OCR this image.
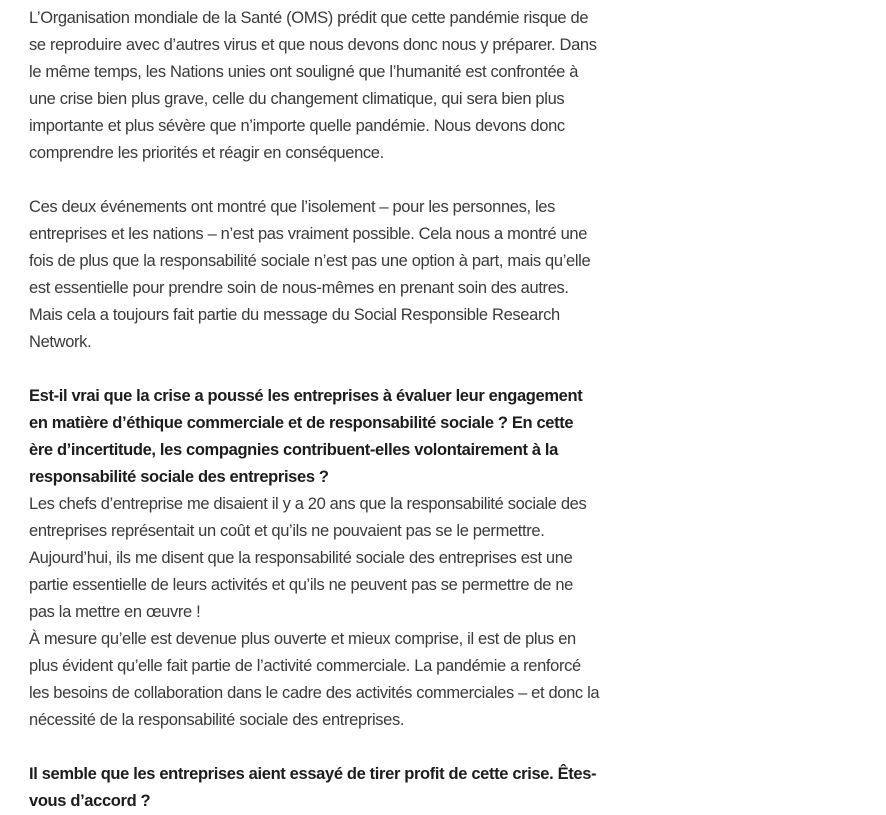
L’Organisation mondiale de la Santé (OMS) prédit que cette pandémie risque de se reproduire avec d’autres virus et que nous devons donc nous y préparer. Dans le même temps, les Nations unies ont souligné que l’humanité est confrontée à une crise bien plus grave, celle du changement climatique, qui sera bien plus importante et plus sévère que n’importe quelle pandémie. Nous devons donc comprendre les priorités et réagir en conséquence.

Ces deux événements ont montré que l’isolement – pour les personnes, les entreprises et les nations – n’est pas vraiment possible. Cela nous a montré une fois de plus que la responsabilité sociale n’est pas une option à part, mais qu’elle est essentielle pour prendre soin de nous-mêmes en prenant soin des autres. Mais cela a toujours fait partie du message du Social Responsible Research Network.

Est-il vrai que la crise a poussé les entreprises à évaluer leur engagement en matière d’éthique commerciale et de responsabilité sociale ? En cette ère d’incertitude, les compagnies contribuent-elles volontairement à la responsabilité sociale des entreprises ?

Les chefs d’entreprise me disaient il y a 20 ans que la responsabilité sociale des entreprises représentait un coût et qu’ils ne pouvaient pas se le permettre. Aujourd’hui, ils me disent que la responsabilité sociale des entreprises est une partie essentielle de leurs activités et qu’ils ne peuvent pas se permettre de ne pas la mettre en œuvre !

À mesure qu’elle est devenue plus ouverte et mieux comprise, il est de plus en plus évident qu’elle fait partie de l’activité commerciale. La pandémie a renforcé les besoins de collaboration dans le cadre des activités commerciales – et donc la nécessité de la responsabilité sociale des entreprises.

Il semble que les entreprises aient essayé de tirer profit de cette crise. Êtes-vous d’accord ?
